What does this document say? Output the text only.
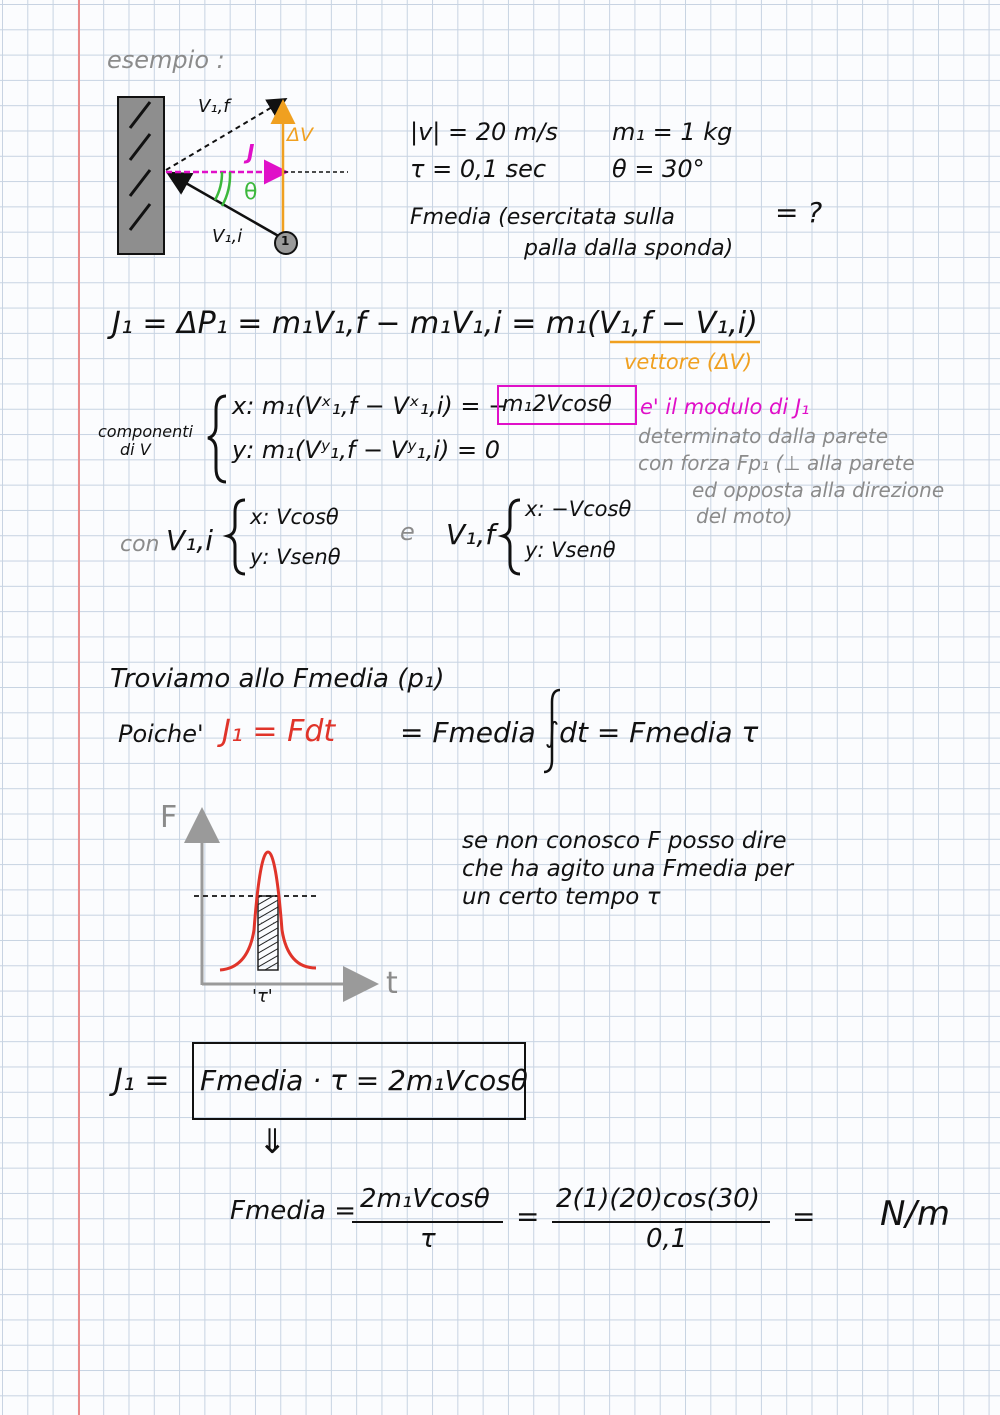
esempio :
V₁,f
V₁,i
J
ΔV
θ
1
|v| = 20 m/s m₁ = 1 kg
τ = 0,1 sec	θ = 30°
Fmedia (esercitata sulla	= ?
palla dalla sponda)
J₁ = ΔP₁ = m₁V₁,f − m₁V₁,i = m₁(V₁,f − V₁,i)
vettore (ΔV)
componenti
di V
x: m₁(Vˣ₁,f − Vˣ₁,i) = −
m₁2Vcosθ
y: m₁(Vʸ₁,f − Vʸ₁,i) = 0
e' il modulo di J₁
determinato dalla parete
con forza Fp₁ (⊥ alla parete
ed opposta alla direzione
del moto)
con V₁,i
x: Vcosθ
y: Vsenθ
e V₁,f
x: −Vcosθ
y: Vsenθ
Troviamo allo Fmedia (p₁)
Poiche' J₁ = Fdt = Fmedia ∫dt = Fmedia τ
F
t
'τ'
se non conosco F posso dire
che ha agito una Fmedia per
un certo tempo τ
J₁ = Fmedia · τ = 2m₁Vcosθ
⇓
Fmedia = 2m₁Vcosθ
τ
=
2(1)(20)cos(30)
0,1
= N/m
